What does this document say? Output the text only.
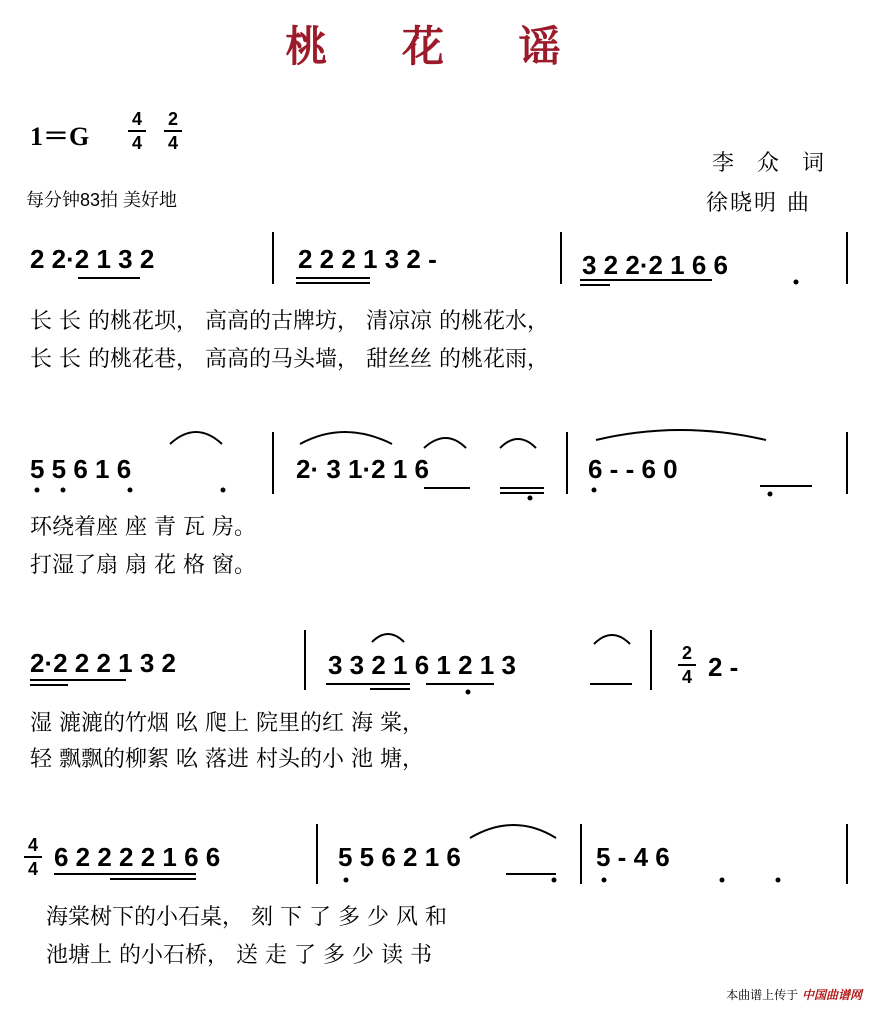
桃 花 谣
1＝G
4
4
2
4
每分钟83拍 美好地
李 众 词
徐晓明 曲
2 2·2 1 3 2	2 2 2 1 3 2 -	3 2 2·2 1 6 6
长 长 的桃花坝， 高高的古牌坊， 清凉凉 的桃花水，
长 长 的桃花巷， 高高的马头墙， 甜丝丝 的桃花雨，
5 5 6 1 6	2· 3 1·2 1 6	6 - - 6 0
环绕着座 座 青 瓦 房。
打湿了扇 扇 花 格 窗。
2·2 2 2 1 3 2	3 3 2 1 6 1 2 1 3	2 -
2
4
湿 漉漉的竹烟 吆 爬上 院里的红 海 棠，
轻 飘飘的柳絮 吆 落进 村头的小 池 塘，
4
4 6 2 2 2 2 1 6 6	5 5 6 2 1 6	5 - 4 6
海棠树下的小石桌， 刻 下 了 多 少 风 和
池塘上 的小石桥， 送 走 了 多 少 读 书
本曲谱上传于 中国曲谱网
